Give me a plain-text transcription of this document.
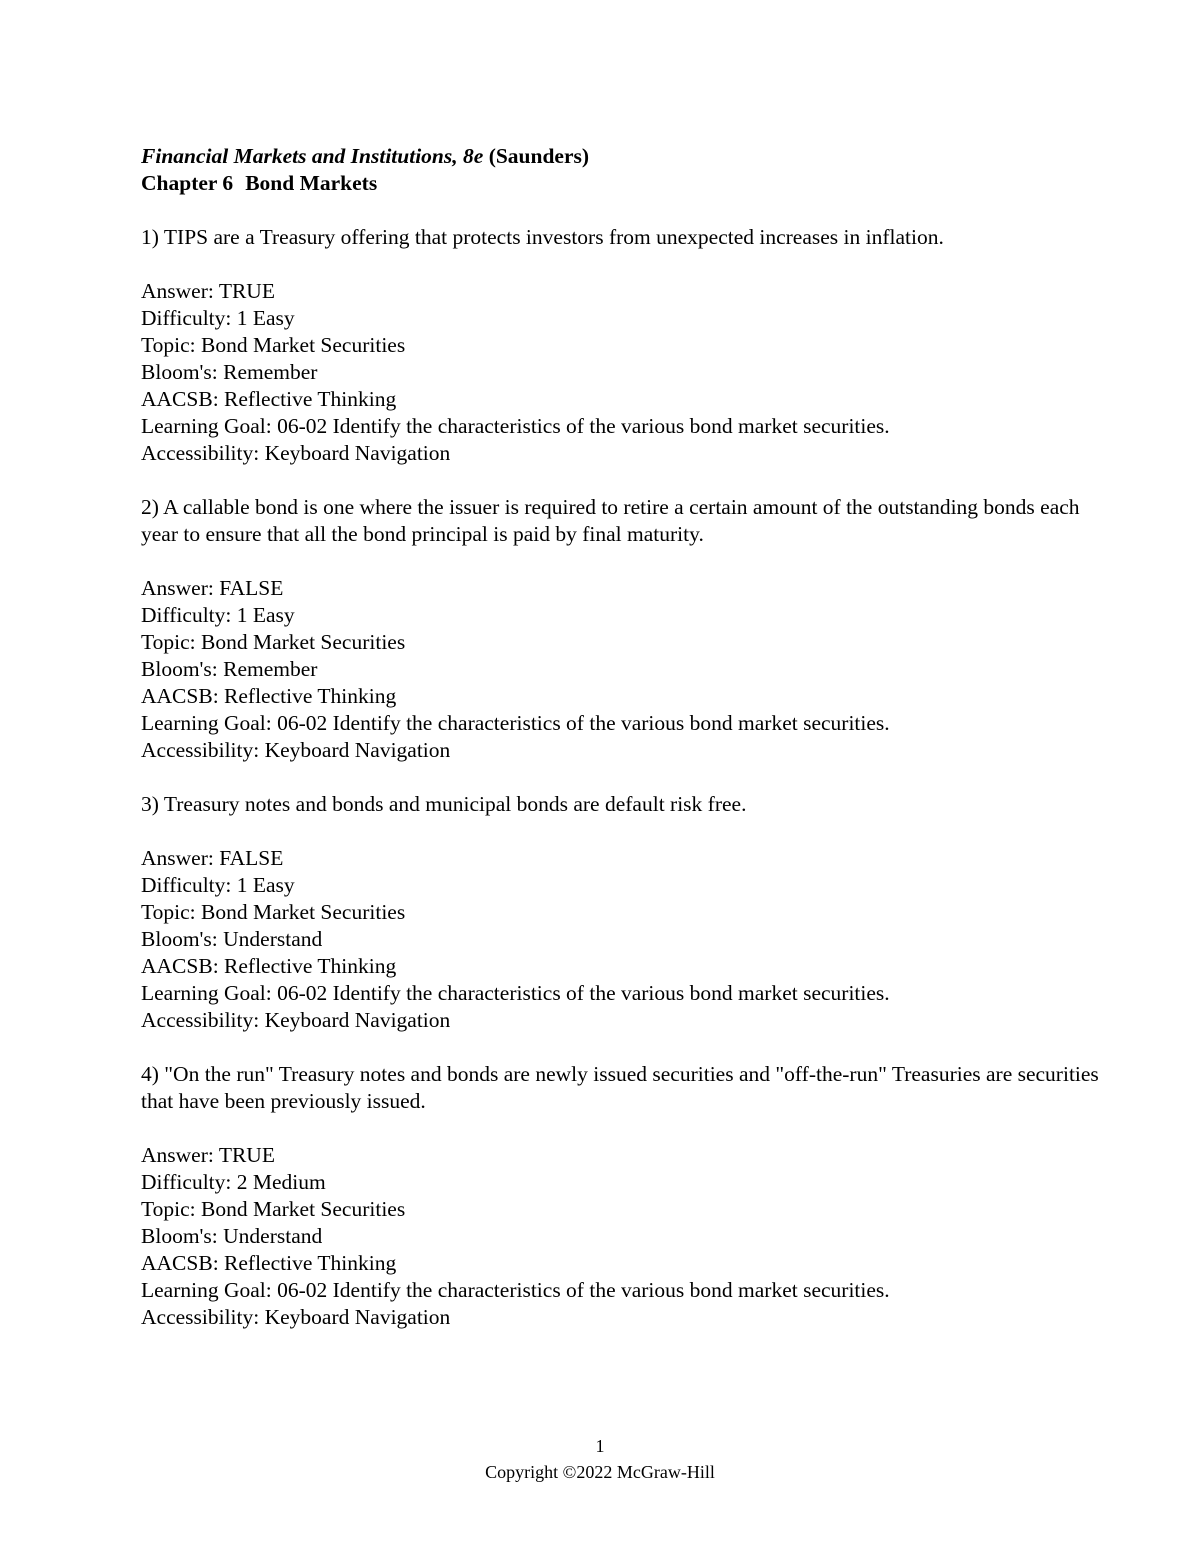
Financial Markets and Institutions, 8e (Saunders)
Chapter 6 Bond Markets
1) TIPS are a Treasury offering that protects investors from unexpected increases in inflation.
Answer: TRUE
Difficulty: 1 Easy
Topic: Bond Market Securities
Bloom's: Remember
AACSB: Reflective Thinking
Learning Goal: 06-02 Identify the characteristics of the various bond market securities.
Accessibility: Keyboard Navigation
2) A callable bond is one where the issuer is required to retire a certain amount of the outstanding bonds each year to ensure that all the bond principal is paid by final maturity.
Answer: FALSE
Difficulty: 1 Easy
Topic: Bond Market Securities
Bloom's: Remember
AACSB: Reflective Thinking
Learning Goal: 06-02 Identify the characteristics of the various bond market securities.
Accessibility: Keyboard Navigation
3) Treasury notes and bonds and municipal bonds are default risk free.
Answer: FALSE
Difficulty: 1 Easy
Topic: Bond Market Securities
Bloom's: Understand
AACSB: Reflective Thinking
Learning Goal: 06-02 Identify the characteristics of the various bond market securities.
Accessibility: Keyboard Navigation
4) "On the run" Treasury notes and bonds are newly issued securities and "off-the-run" Treasuries are securities that have been previously issued.
Answer: TRUE
Difficulty: 2 Medium
Topic: Bond Market Securities
Bloom's: Understand
AACSB: Reflective Thinking
Learning Goal: 06-02 Identify the characteristics of the various bond market securities.
Accessibility: Keyboard Navigation
1
Copyright ©2022 McGraw-Hill
